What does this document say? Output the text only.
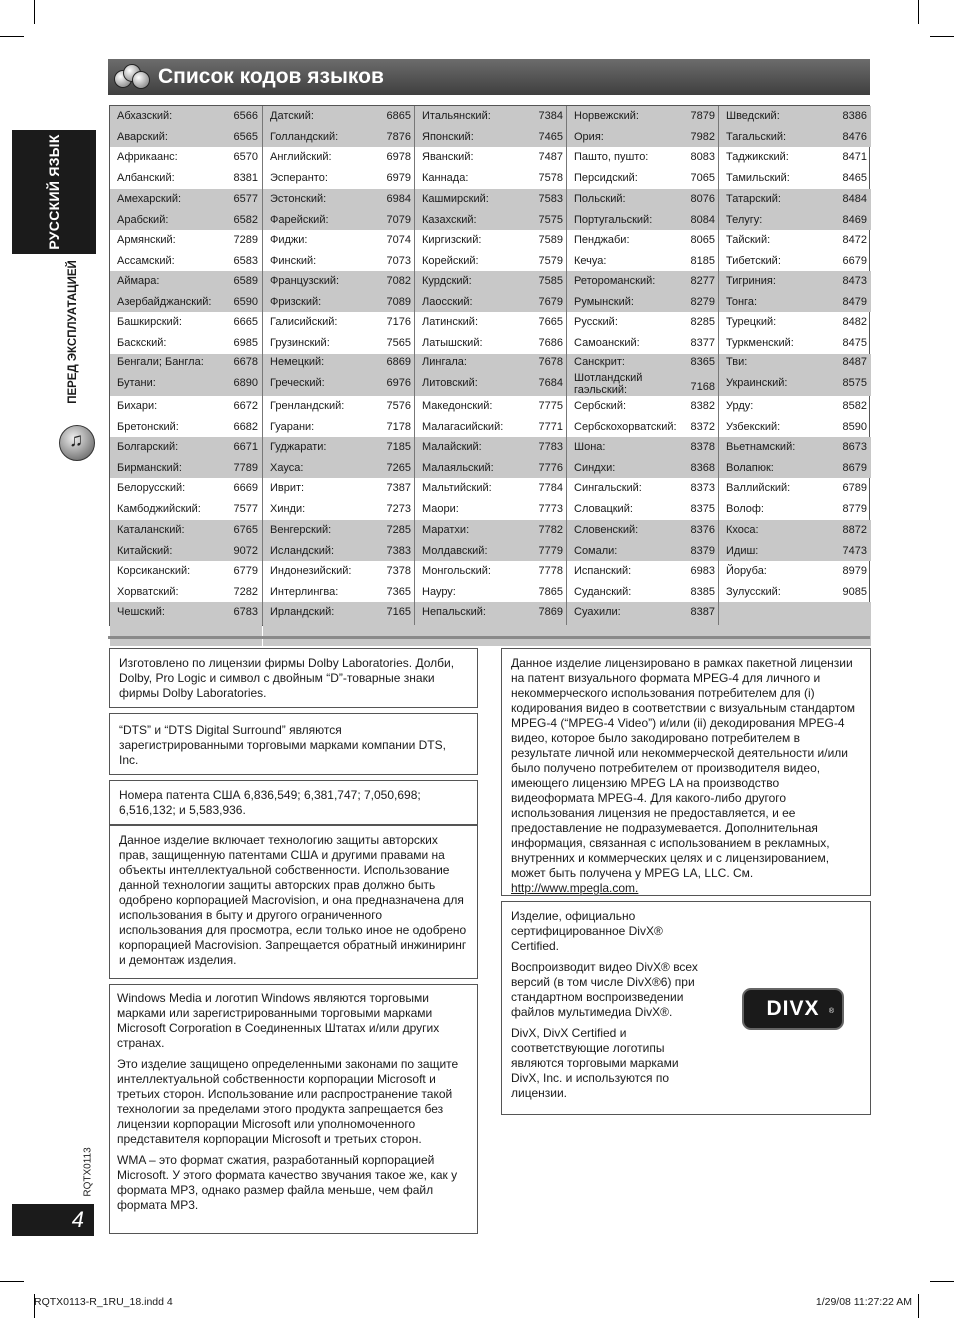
РУССКИЙ ЯЗЫК
ПЕРЕД ЭКСПЛУАТАЦИЕЙ
♫
RQTX0113
4
Список кодов языков
Абхазский:	6566
Аварский:	6565
Африкаанс:	6570
Албанский:	8381
Амехарский:	6577
Арабский:	6582
Армянский:	7289
Ассамский:	6583
Аймара:	6589
Азербайджанский: 6590
Башкирский:	6665
Баскский:	6985
Бенгали; Бангла:	6678
Бутани:	6890
Бихари:	6672
Бретонский:	6682
Болгарский:	6671
Бирманский:	7789
Белорусский:	6669
Камбоджийский:	7577
Каталанский:	6765
Китайский:	9072
Корсиканский:	6779
Хорватский:	7282
Чешский:	6783
Датский:	6865
Голландский:	7876
Английский:	6978
Эсперанто:	6979
Эстонский:	6984
Фарейский:	7079
Фиджи:	7074
Финский:	7073
Французский:	7082
Фризский:	7089
Галисийский:	7176
Грузинский:	7565
Немецкий:	6869
Греческий:	6976
Гренландский:	7576
Гуарани:	7178
Гуджарати:	7185
Хауса:	7265
Иврит:	7387
Хинди:	7273
Венгерский:	7285
Исландский:	7383
Индонезийский:	7378
Интерлингва:	7365
Ирландский:	7165
Итальянский:	7384
Японский:	7465
Яванский:	7487
Каннада:	7578
Кашмирский:	7583
Казахский:	7575
Киргизский:	7589
Корейский:	7579
Курдский:	7585
Лаосский:	7679
Латинский:	7665
Латышский:	7686
Лингала:	7678
Литовский:	7684
Македонский:	7775
Малагасийский:	7771
Малайский:	7783
Малаяльский:	7776
Мальтийский:	7784
Маори:	7773
Маратхи:	7782
Молдавский:	7779
Монгольский:	7778
Науру:	7865
Непальский:	7869
Норвежский:	7879
Ория:	7982
Пашто, пушто:	8083
Персидский:	7065
Польский:	8076
Португальский:	8084
Пенджаби:	8065
Кечуа:	8185
Ретороманский:	8277
Румынский:	8279
Русский:	8285
Самоанский:	8377
Санскрит:	8365
Шотландский гаэльский:	7168
Сербский:	8382
Сербскохорватский: 8372
Шона:	8378
Синдхи:	8368
Сингальский:	8373
Словацкий:	8375
Словенский:	8376
Сомали:	8379
Испанский:	6983
Суданский:	8385
Суахили:	8387
Шведский:	8386
Тагальский:	8476
Таджикский:	8471
Тамильский:	8465
Татарский:	8484
Телугу:	8469
Тайский:	8472
Тибетский:	6679
Тигриния:	8473
Тонга:	8479
Турецкий:	8482
Туркменский:	8475
Тви:	8487
Украинский:	8575
Урду:	8582
Узбекский:	8590
Вьетнамский:	8673
Волапюк:	8679
Валлийский:	6789
Волоф:	8779
Кхоса:	8872
Идиш:	7473
Йоруба:	8979
Зулусский:	9085

Изготовлено по лицензии фирмы Dolby Laboratories. Долби, Dolby, Pro Logic и символ с двойным “D”-товарные знаки фирмы Dolby Laboratories.

“DTS” и “DTS Digital Surround” являются зарегистрированными торговыми марками компании DTS, Inc.

Номера патента США 6,836,549; 6,381,747; 7,050,698; 6,516,132; и 5,583,936.

Данное изделие включает технологию защиты авторских прав, защищенную патентами США и другими правами на объекты интеллектуальной собственности. Использование данной технологии защиты авторских прав должно быть одобрено корпорацией Macrovision, и она предназначена для использования в быту и другого ограниченного использования для просмотра, если только иное не одобрено корпорацией Macrovision. Запрещается обратный инжиниринг и демонтаж изделия.

Windows Media и логотип Windows являются торговыми марками или зарегистрированными торговыми марками Microsoft Corporation в Соединенных Штатах и/или других странах.

Это изделие защищено определенными законами по защите интеллектуальной собственности корпорации Microsoft и третьих сторон. Использование или распространение такой технологии за пределами этого продукта запрещается без лицензии корпорации Microsoft или уполномоченного представителя корпорации Microsoft и третьих сторон.

WMA – это формат сжатия, разработанный корпорацией Microsoft. У этого формата качество звучания такое же, как у формата MP3, однако размер файла меньше, чем файл формата MP3.

Данное изделие лицензировано в рамках пакетной лицензии на патент визуального формата MPEG-4 для личного и некоммерческого использования потребителем для (i) кодирования видео в соответствии с визуальным стандартом MPEG-4 (“MPEG-4 Video”) и/или (ii) декодирования MPEG-4 видео, которое было закодировано потребителем в результате личной или некоммерческой деятельности и/или было получено потребителем от производителя видео, имеющего лицензию MPEG LA на производство видеоформата MPEG-4. Для какого-либо другого использования лицензия не предоставляется, и ее предоставление не подразумевается. Дополнительная информация, связанная с использованием в рекламных, внутренних и коммерческих целях и с лицензированием, может быть получена у MPEG LA, LLC. См. http://www.mpegla.com.

Изделие, официально сертифицированное DivX® Certified.

Воспроизводит видео DivX® всех версий (в том числе DivX®6) при стандартном воспроизведении файлов мультимедиа DivX®.

DivX, DivX Certified и соответствующие логотипы являются торговыми марками DivX, Inc. и используются по лицензии.

DIVX	®
RQTX0113-R_1RU_18.indd 4	1/29/08 11:27:22 AM
